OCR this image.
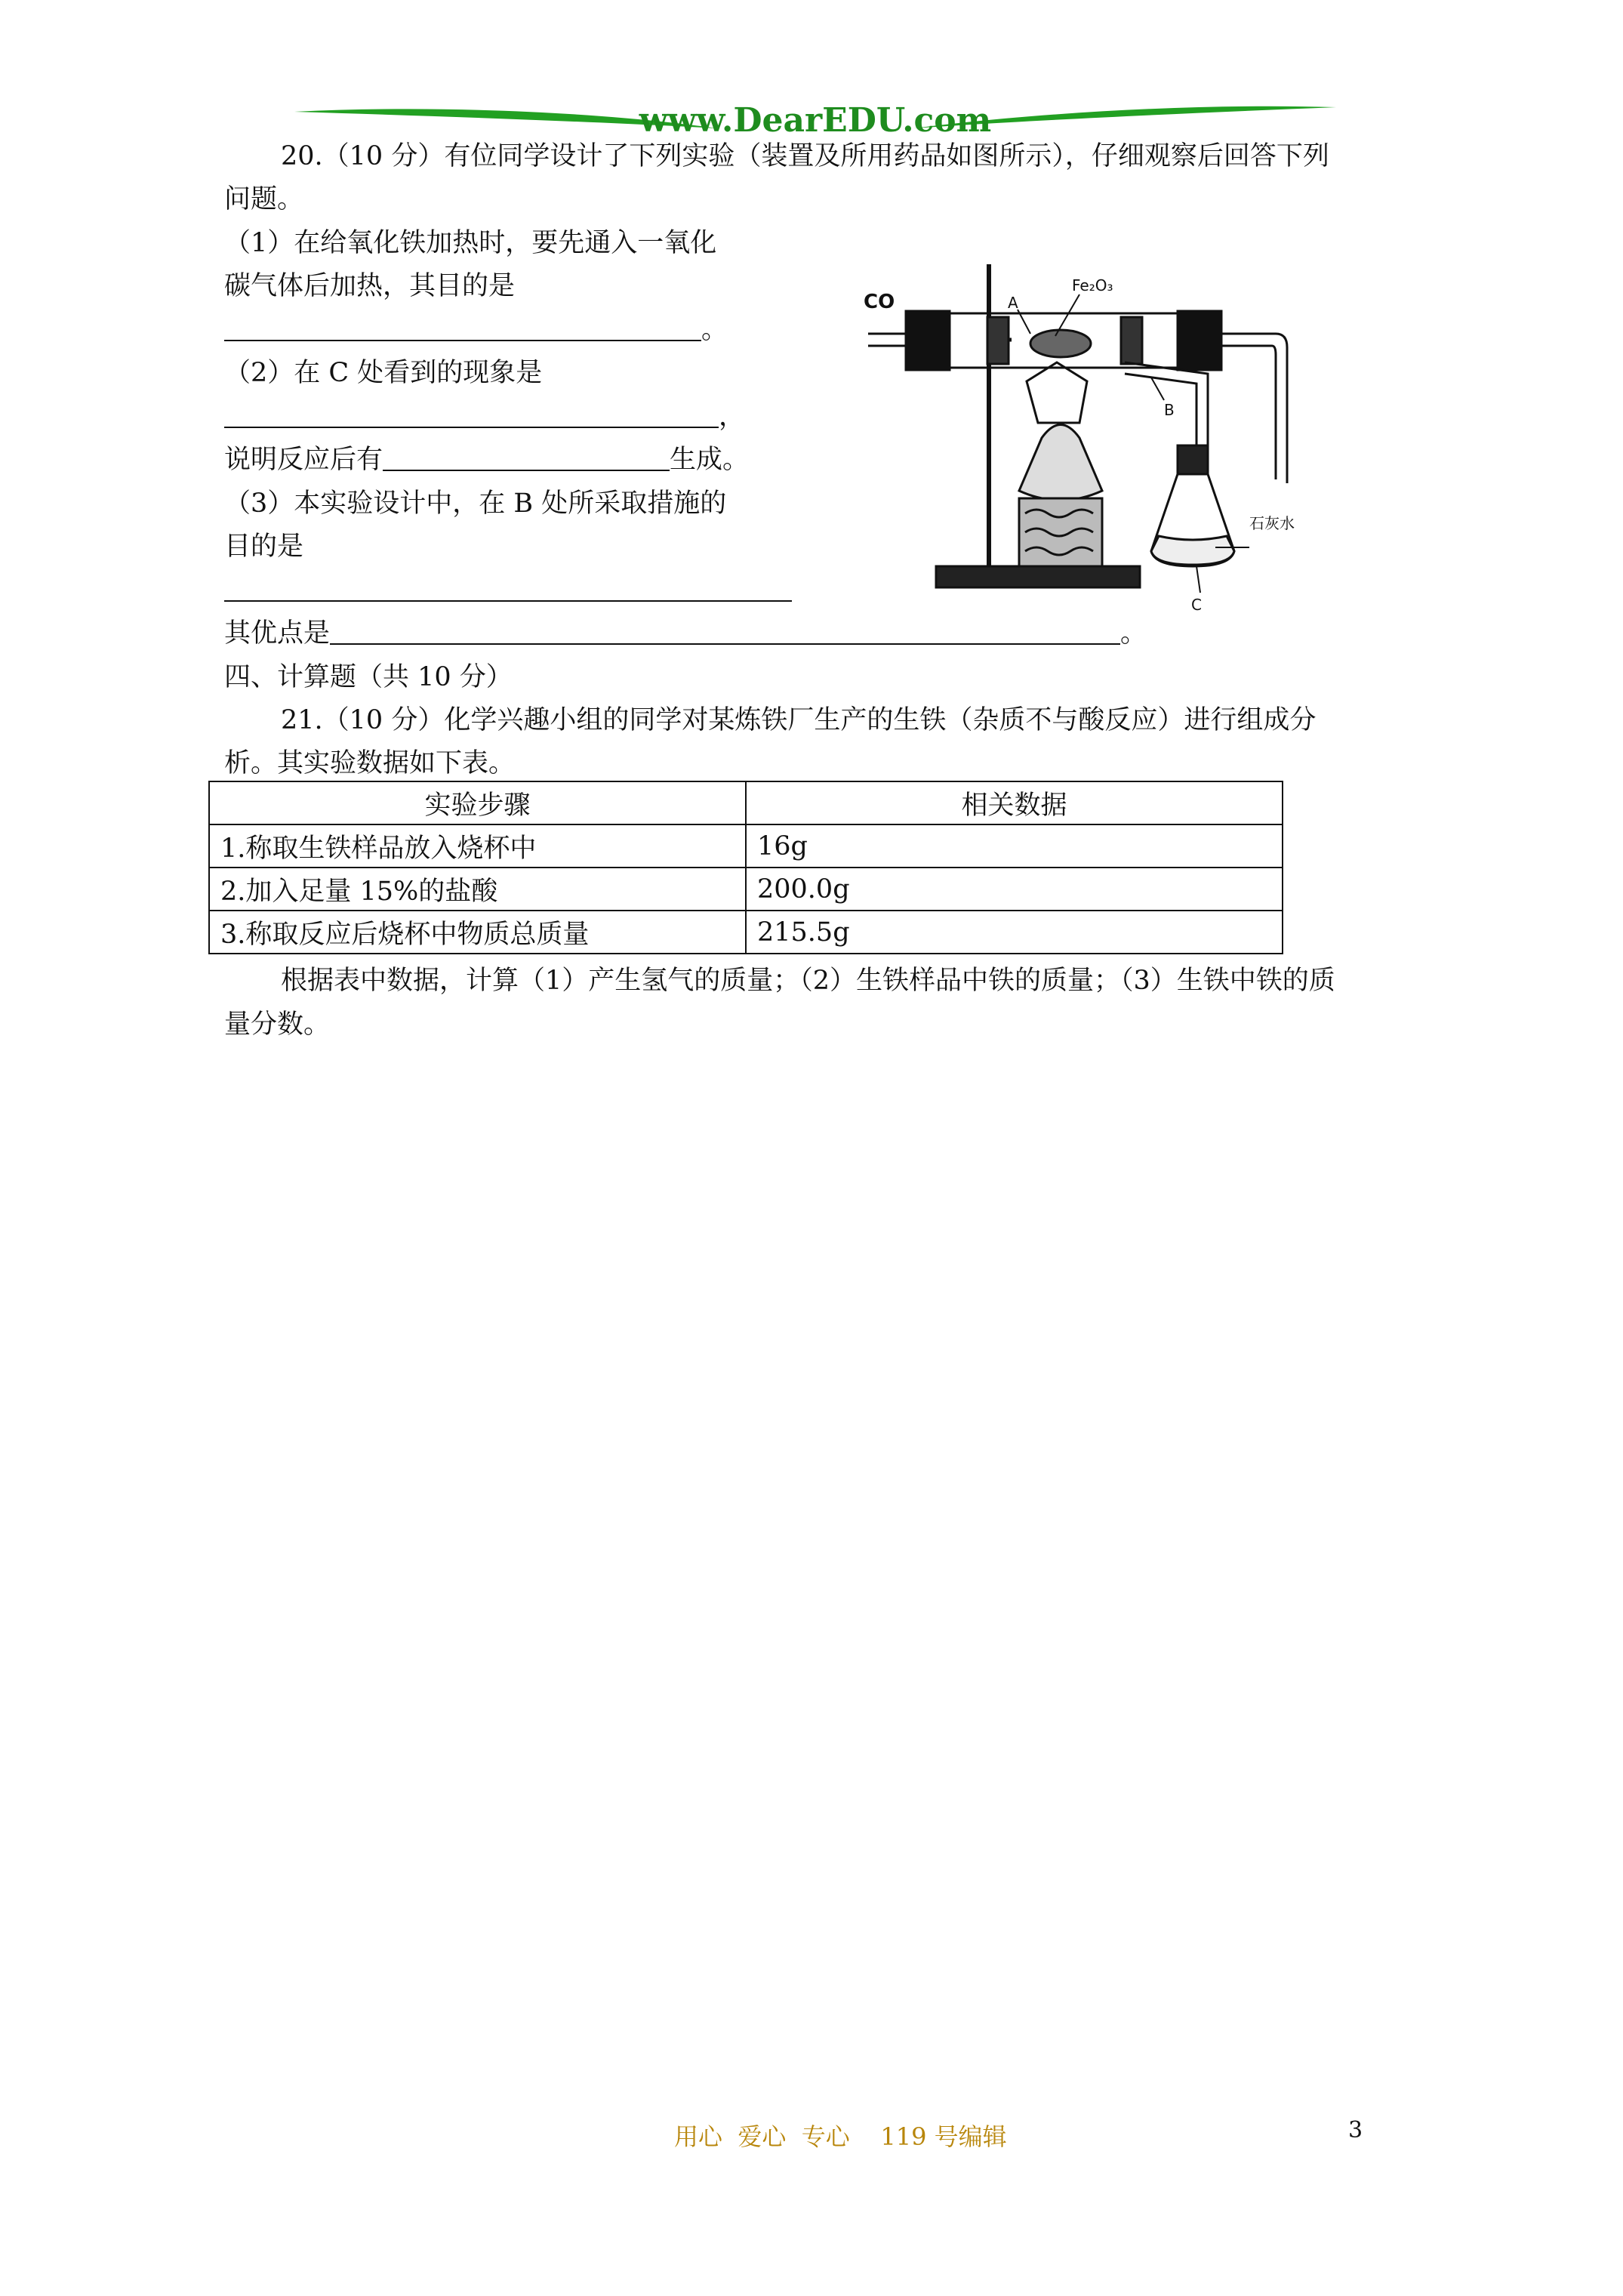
www.DearEDU.com
20.（10 分）有位同学设计了下列实验（装置及所用药品如图所示），仔细观察后回答下列
问题。
（1）在给氧化铁加热时，要先通入一氧化
碳气体后加热，其目的是
。
（2）在 C 处看到的现象是
，
说明反应后有	生成。
（3）本实验设计中，在 B 处所采取措施的
目的是
其优点是	。
CO
Fe₂O₃
A
B
石灰水
C
四、计算题（共 10 分）
21.（10 分）化学兴趣小组的同学对某炼铁厂生产的生铁（杂质不与酸反应）进行组成分
析。其实验数据如下表。
实验步骤	相关数据
1.称取生铁样品放入烧杯中	16g
2.加入足量 15%的盐酸	200.0g
3.称取反应后烧杯中物质总质量	215.5g
根据表中数据，计算（1）产生氢气的质量；（2）生铁样品中铁的质量；（3）生铁中铁的质
量分数。
用心  爱心  专心    119 号编辑	3
